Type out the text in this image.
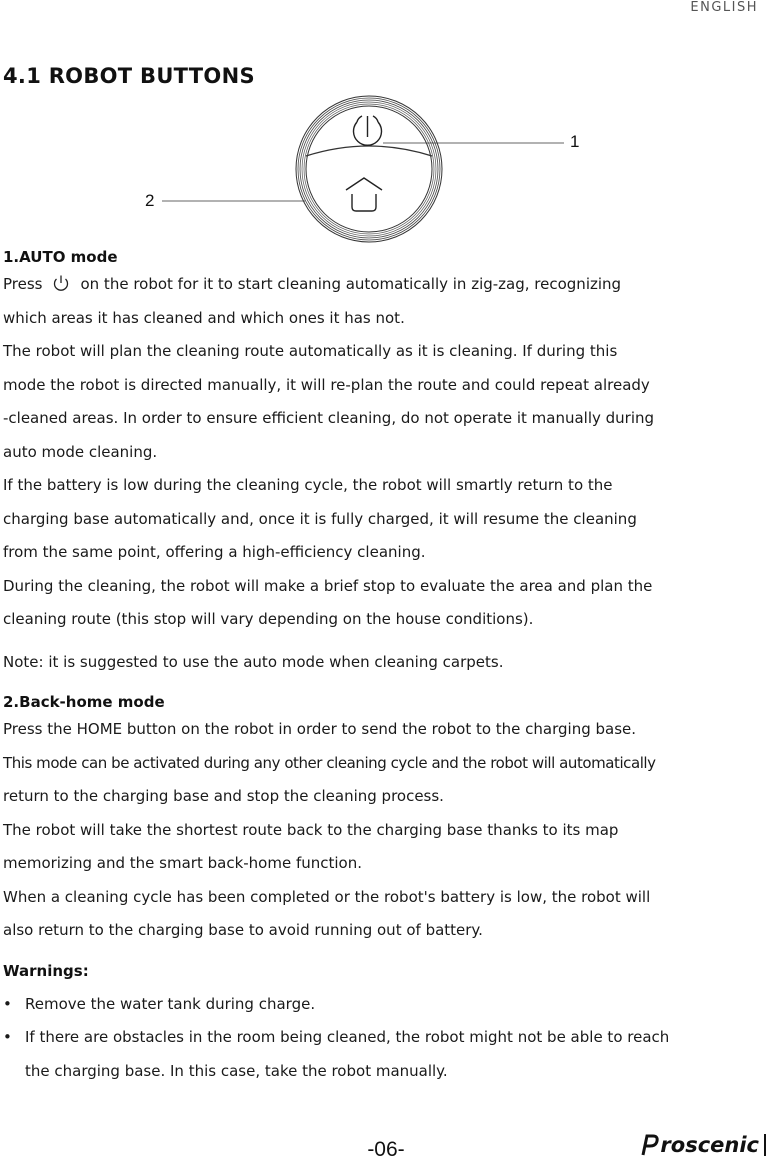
ENGLISH
4.1 ROBOT BUTTONS
1
2

1.AUTO mode

Press	on the robot for it to start cleaning automatically in zig-zag, recognizing

which areas it has cleaned and which ones it has not.

The robot will plan the cleaning route automatically as it is cleaning. If during this

mode the robot is directed manually, it will re-plan the route and could repeat already

-cleaned areas. In order to ensure efficient cleaning, do not operate it manually during

auto mode cleaning.

If the battery is low during the cleaning cycle, the robot will smartly return to the

charging base automatically and, once it is fully charged, it will resume the cleaning

from the same point, offering a high-efficiency cleaning.

During the cleaning, the robot will make a brief stop to evaluate the area and plan the

cleaning route (this stop will vary depending on the house conditions).

Note: it is suggested to use the auto mode when cleaning carpets.

2.Back-home mode

Press the HOME button on the robot in order to send the robot to the charging base.

This mode can be activated during any other cleaning cycle and the robot will automatically

return to the charging base and stop the cleaning process.

The robot will take the shortest route back to the charging base thanks to its map

memorizing and the smart back-home function.

When a cleaning cycle has been completed or the robot's battery is low, the robot will

also return to the charging base to avoid running out of battery.

Warnings:

• Remove the water tank during charge.

• If there are obstacles in the room being cleaned, the robot might not be able to reach

the charging base. In this case, take the robot manually.

-06-	roscenic
